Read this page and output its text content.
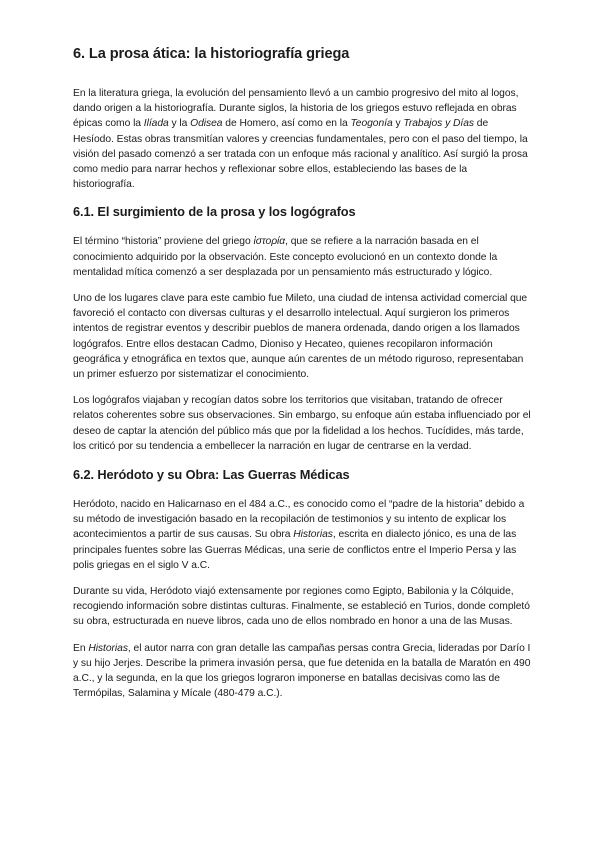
6. La prosa ática: la historiografía griega

En la literatura griega, la evolución del pensamiento llevó a un cambio progresivo del mito al logos, dando origen a la historiografía. Durante siglos, la historia de los griegos estuvo reflejada en obras épicas como la Ilíada y la Odisea de Homero, así como en la Teogonía y Trabajos y Días de Hesíodo. Estas obras transmitían valores y creencias fundamentales, pero con el paso del tiempo, la visión del pasado comenzó a ser tratada con un enfoque más racional y analítico. Así surgió la prosa como medio para narrar hechos y reflexionar sobre ellos, estableciendo las bases de la historiografía.

6.1. El surgimiento de la prosa y los logógrafos

El término “historia” proviene del griego ἱστορία, que se refiere a la narración basada en el conocimiento adquirido por la observación. Este concepto evolucionó en un contexto donde la mentalidad mítica comenzó a ser desplazada por un pensamiento más estructurado y lógico.

Uno de los lugares clave para este cambio fue Mileto, una ciudad de intensa actividad comercial que favoreció el contacto con diversas culturas y el desarrollo intelectual. Aquí surgieron los primeros intentos de registrar eventos y describir pueblos de manera ordenada, dando origen a los llamados logógrafos. Entre ellos destacan Cadmo, Dioniso y Hecateo, quienes recopilaron información geográfica y etnográfica en textos que, aunque aún carentes de un método riguroso, representaban un primer esfuerzo por sistematizar el conocimiento.

Los logógrafos viajaban y recogían datos sobre los territorios que visitaban, tratando de ofrecer relatos coherentes sobre sus observaciones. Sin embargo, su enfoque aún estaba influenciado por el deseo de captar la atención del público más que por la fidelidad a los hechos. Tucídides, más tarde, los criticó por su tendencia a embellecer la narración en lugar de centrarse en la verdad.

6.2. Heródoto y su Obra: Las Guerras Médicas

Heródoto, nacido en Halicarnaso en el 484 a.C., es conocido como el “padre de la historia” debido a su método de investigación basado en la recopilación de testimonios y su intento de explicar los acontecimientos a partir de sus causas. Su obra Historias, escrita en dialecto jónico, es una de las principales fuentes sobre las Guerras Médicas, una serie de conflictos entre el Imperio Persa y las polis griegas en el siglo V a.C.

Durante su vida, Heródoto viajó extensamente por regiones como Egipto, Babilonia y la Cólquide, recogiendo información sobre distintas culturas. Finalmente, se estableció en Turios, donde completó su obra, estructurada en nueve libros, cada uno de ellos nombrado en honor a una de las Musas.

En Historias, el autor narra con gran detalle las campañas persas contra Grecia, lideradas por Darío I y su hijo Jerjes. Describe la primera invasión persa, que fue detenida en la batalla de Maratón en 490 a.C., y la segunda, en la que los griegos lograron imponerse en batallas decisivas como las de Termópilas, Salamina y Mícale (480-479 a.C.).
